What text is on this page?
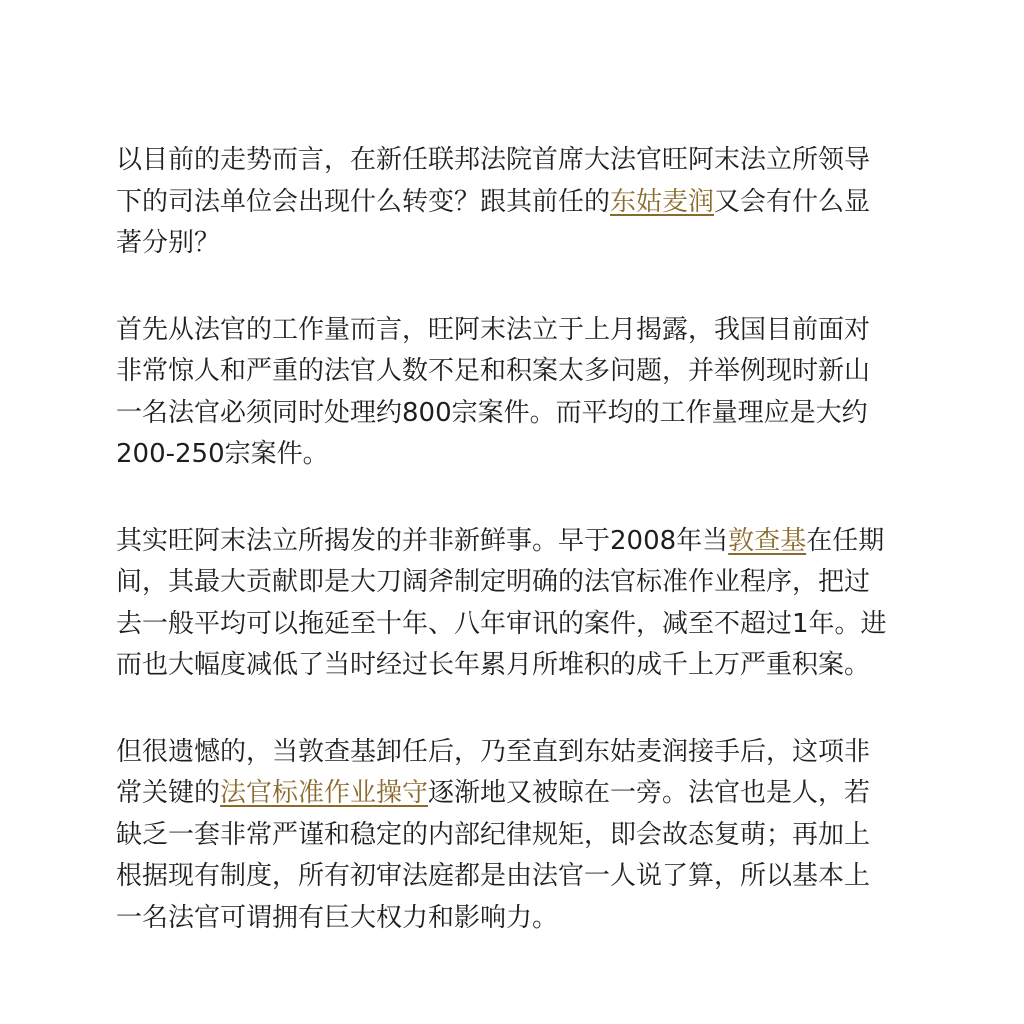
以目前的走势而言，在新任联邦法院首席大法官旺阿末法立所领导
下的司法单位会出现什么转变？跟其前任的东姑麦润又会有什么显
著分别？

首先从法官的工作量而言，旺阿末法立于上月揭露，我国目前面对
非常惊人和严重的法官人数不足和积案太多问题，并举例现时新山
一名法官必须同时处理约800宗案件。而平均的工作量理应是大约
200-250宗案件。

其实旺阿末法立所揭发的并非新鲜事。早于2008年当敦查基在任期
间，其最大贡献即是大刀阔斧制定明确的法官标准作业程序，把过
去一般平均可以拖延至十年、八年审讯的案件，减至不超过1年。进
而也大幅度减低了当时经过长年累月所堆积的成千上万严重积案。

但很遗憾的，当敦查基卸任后，乃至直到东姑麦润接手后，这项非
常关键的法官标准作业操守逐渐地又被晾在一旁。法官也是人，若
缺乏一套非常严谨和稳定的内部纪律规矩，即会故态复萌；再加上
根据现有制度，所有初审法庭都是由法官一人说了算，所以基本上
一名法官可谓拥有巨大权力和影响力。
